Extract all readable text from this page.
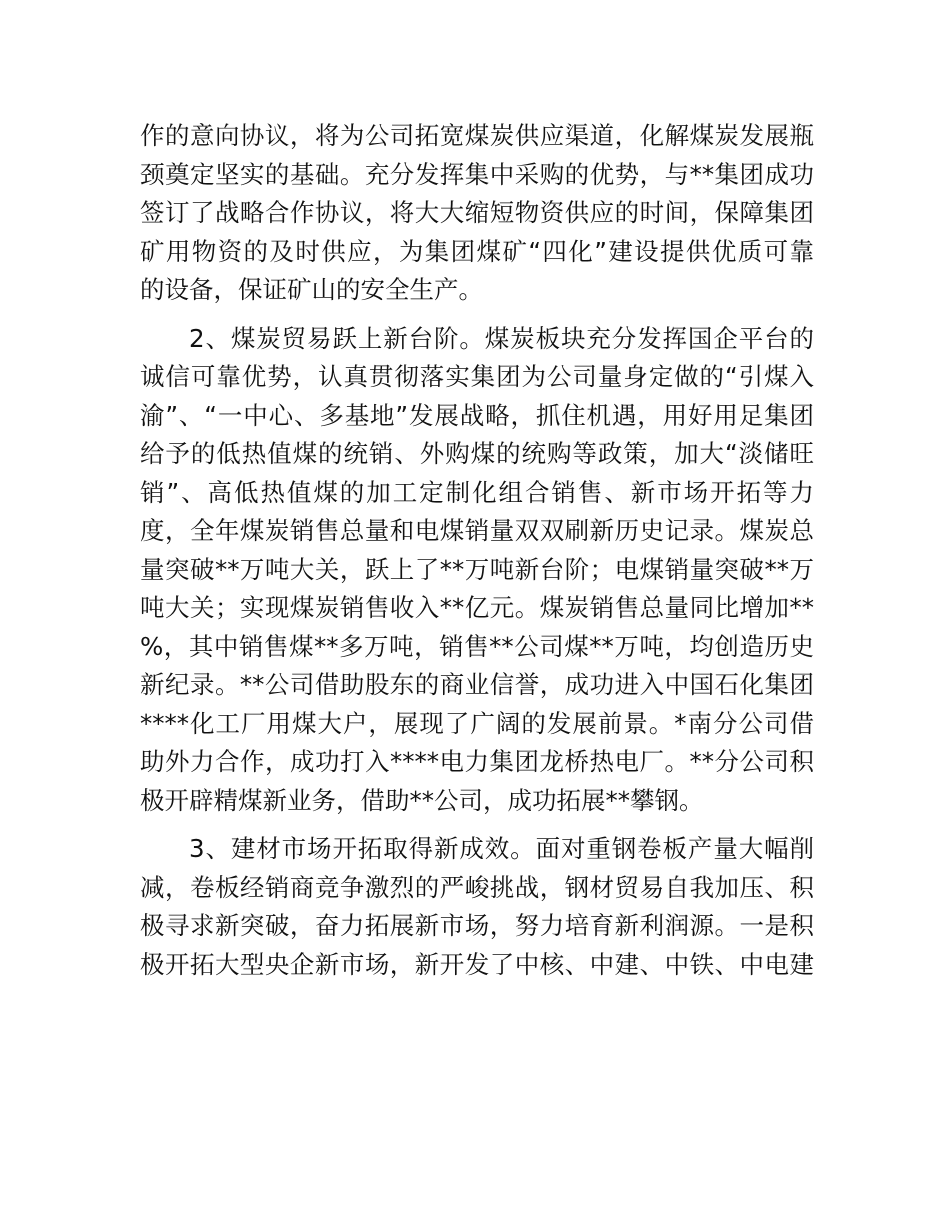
作的意向协议，将为公司拓宽煤炭供应渠道，化解煤炭发展瓶
颈奠定坚实的基础。充分发挥集中采购的优势，与**集团成功
签订了战略合作协议，将大大缩短物资供应的时间，保障集团
矿用物资的及时供应，为集团煤矿“四化”建设提供优质可靠
的设备，保证矿山的安全生产。
2、煤炭贸易跃上新台阶。煤炭板块充分发挥国企平台的
诚信可靠优势，认真贯彻落实集团为公司量身定做的“引煤入
渝”、“一中心、多基地”发展战略，抓住机遇，用好用足集团
给予的低热值煤的统销、外购煤的统购等政策，加大“淡储旺
销”、高低热值煤的加工定制化组合销售、新市场开拓等力
度，全年煤炭销售总量和电煤销量双双刷新历史记录。煤炭总
量突破**万吨大关，跃上了**万吨新台阶；电煤销量突破**万
吨大关；实现煤炭销售收入**亿元。煤炭销售总量同比增加**
%，其中销售煤**多万吨，销售**公司煤**万吨，均创造历史
新纪录。**公司借助股东的商业信誉，成功进入中国石化集团
****化工厂用煤大户，展现了广阔的发展前景。*南分公司借
助外力合作，成功打入****电力集团龙桥热电厂。**分公司积
极开辟精煤新业务，借助**公司，成功拓展**攀钢。
3、建材市场开拓取得新成效。面对重钢卷板产量大幅削
减，卷板经销商竞争激烈的严峻挑战，钢材贸易自我加压、积
极寻求新突破，奋力拓展新市场，努力培育新利润源。一是积
极开拓大型央企新市场，新开发了中核、中建、中铁、中电建
